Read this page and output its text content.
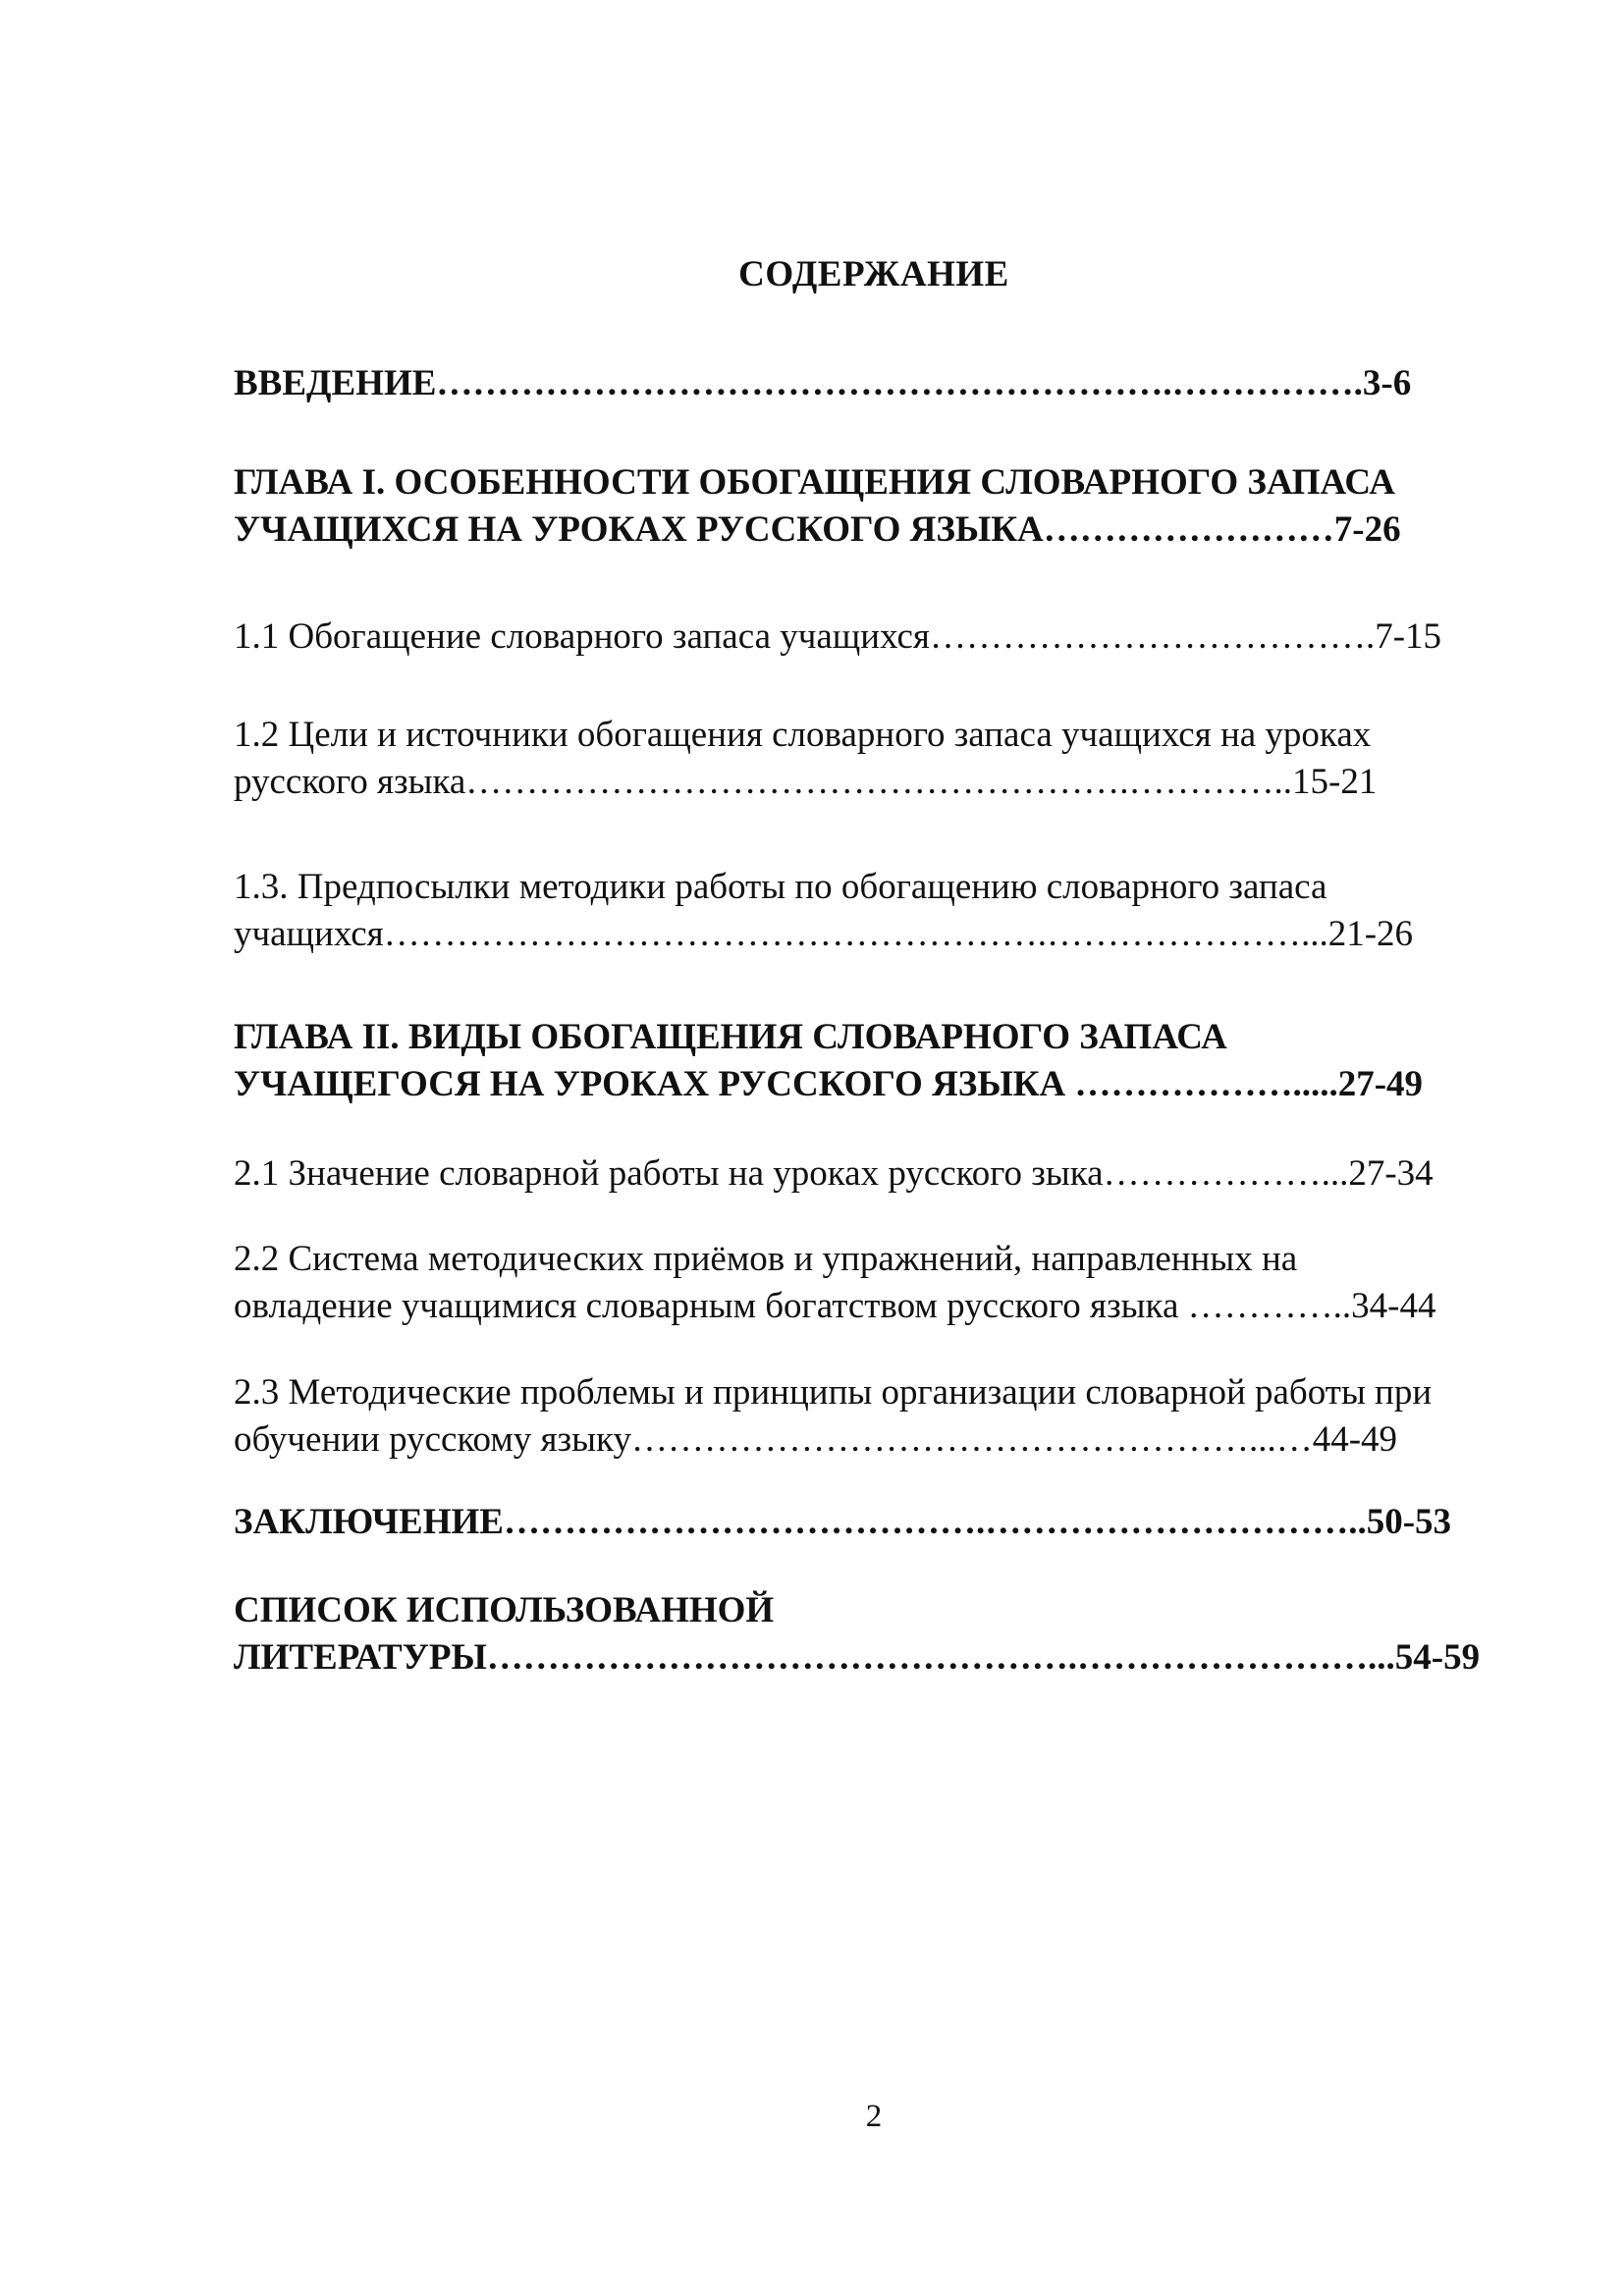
СОДЕРЖАНИЕ
ВВЕДЕНИЕ…………………………………………………….…………….3-6
ГЛАВА I. ОСОБЕННОСТИ ОБОГАЩЕНИЯ СЛОВАРНОГО ЗАПАСА
УЧАЩИХСЯ НА УРОКАХ РУССКОГО ЯЗЫКА……………………7-26
1.1 Обогащение словарного запаса учащихся……………………………….7-15
1.2 Цели и источники обогащения словарного запаса учащихся на уроках
русского языка……………………………………………….…………..15-21
1.3. Предпосылки методики работы по обогащению словарного запаса
учащихся……………………………………………….…………………...21-26
ГЛАВА II. ВИДЫ ОБОГАЩЕНИЯ СЛОВАРНОГО ЗАПАСА
УЧАЩЕГОСЯ НА УРОКАХ РУССКОГО ЯЗЫКА ……………….....27-49
2.1 Значение словарной работы на уроках русского зыка………………...27-34
2.2 Система методических приёмов и упражнений, направленных на
овладение учащимися словарным богатством русского языка …………..34-44
2.3 Методические проблемы и принципы организации словарной работы при
обучении русскому языку……………………………………………...…44-49
ЗАКЛЮЧЕНИЕ………………………………….…………………………..50-53
СПИСОК ИСПОЛЬЗОВАННОЙ
ЛИТЕРАТУРЫ………………………………………….……………………...54-59
2
